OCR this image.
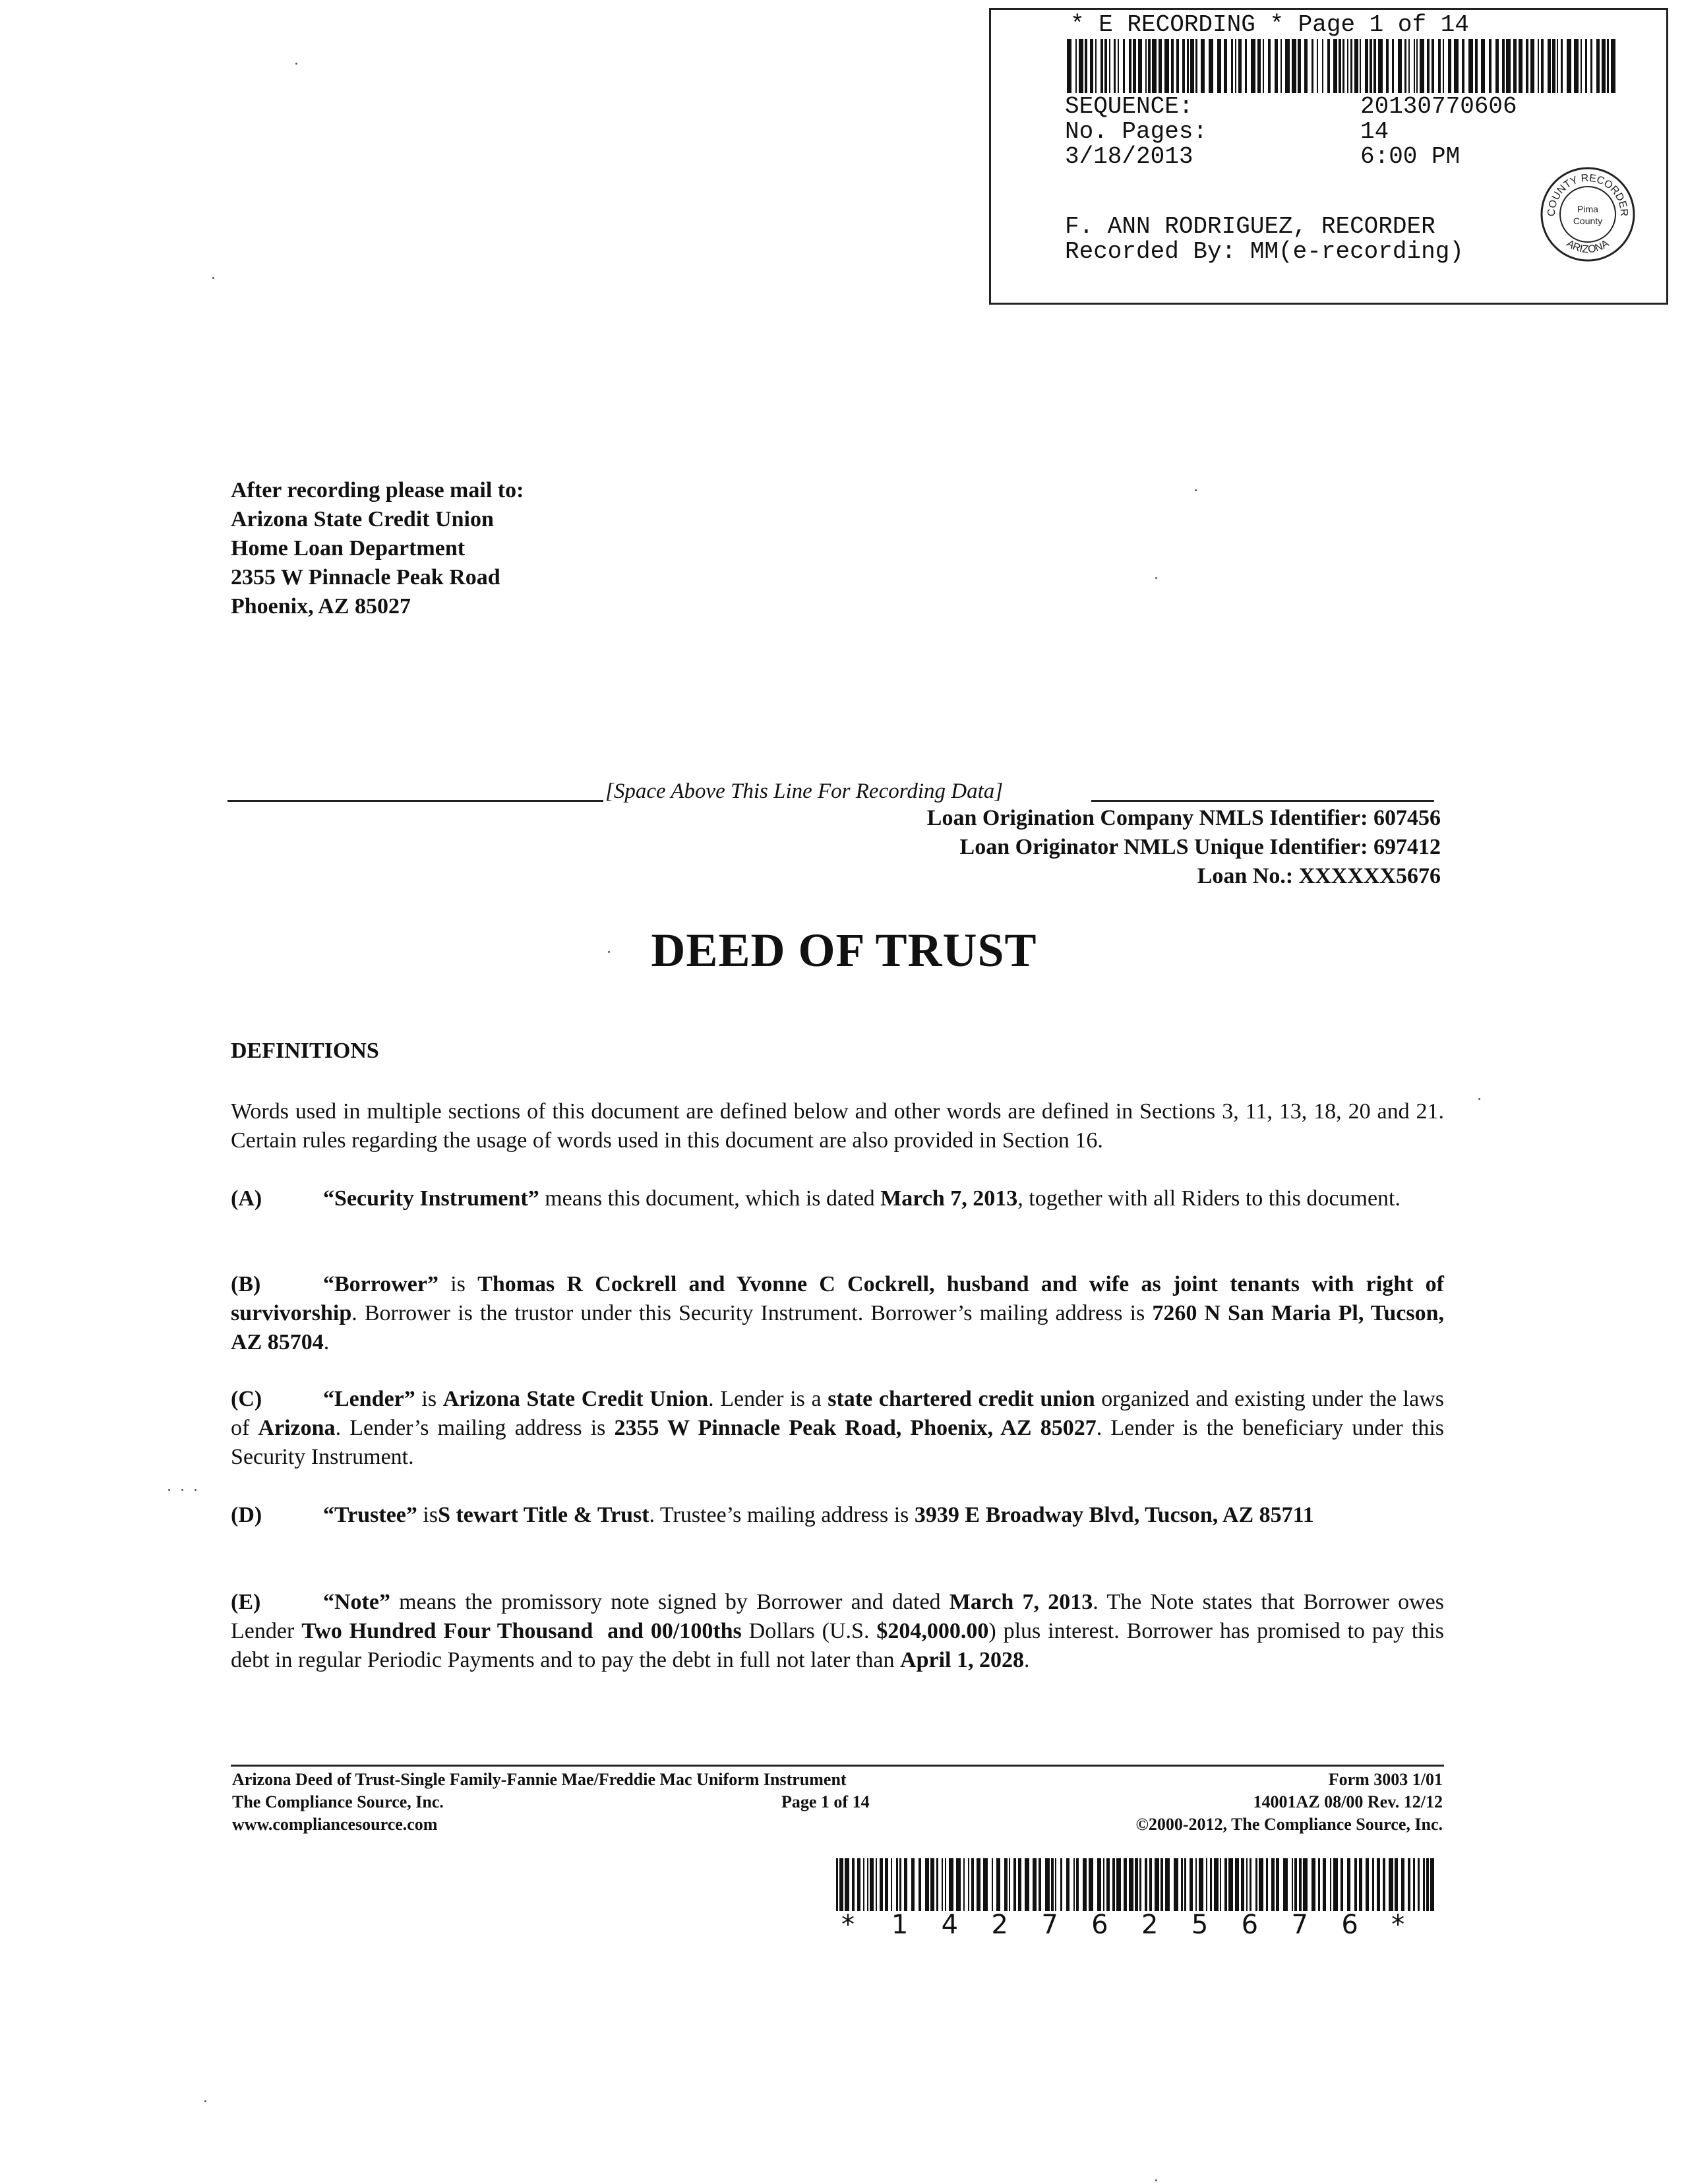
* E RECORDING * Page 1 of 14
SEQUENCE:	20130770606
No. Pages:	14
3/18/2013	6:00 PM
F. ANN RODRIGUEZ, RECORDER
Recorded By: MM(e-recording)
COUNTY RECORDER
ARIZONA
Pima
County
After recording please mail to:
Arizona State Credit Union
Home Loan Department
2355 W Pinnacle Peak Road
Phoenix, AZ 85027
[Space Above This Line For Recording Data]
Loan Origination Company NMLS Identifier: 607456
Loan Originator NMLS Unique Identifier: 697412
Loan No.: XXXXXX5676
DEED OF TRUST
DEFINITIONS
Words used in multiple sections of this document are defined below and other words are defined in Sections 3, 11, 13, 18, 20 and 21. Certain rules regarding the usage of words used in this document are also provided in Section 16.
(A)	“Security Instrument” means this document, which is dated March 7, 2013, together with all Riders to this document.
(B)	“Borrower” is Thomas R Cockrell and Yvonne C Cockrell, husband and wife as joint tenants with right of survivorship. Borrower is the trustor under this Security Instrument. Borrower’s mailing address is 7260 N San Maria Pl, Tucson, AZ 85704.
(C)	“Lender” is Arizona State Credit Union. Lender is a state chartered credit union organized and existing under the laws of Arizona. Lender’s mailing address is 2355 W Pinnacle Peak Road, Phoenix, AZ 85027. Lender is the beneficiary under this Security Instrument.
(D)	“Trustee” isS tewart Title & Trust. Trustee’s mailing address is 3939 E Broadway Blvd, Tucson, AZ 85711
(E)	“Note” means the promissory note signed by Borrower and dated March 7, 2013. The Note states that Borrower owes Lender Two Hundred Four Thousand  and 00/100ths Dollars (U.S. $204,000.00) plus interest. Borrower has promised to pay this debt in regular Periodic Payments and to pay the debt in full not later than April 1, 2028.
Arizona Deed of Trust-Single Family-Fannie Mae/Freddie Mac Uniform Instrument
The Compliance Source, Inc.
www.compliancesource.com
Page 1 of 14
Form 3003 1/01
14001AZ 08/00 Rev. 12/12
©2000-2012, The Compliance Source, Inc.
* 1 4 2 7 6 2 5 6 7 6 *
